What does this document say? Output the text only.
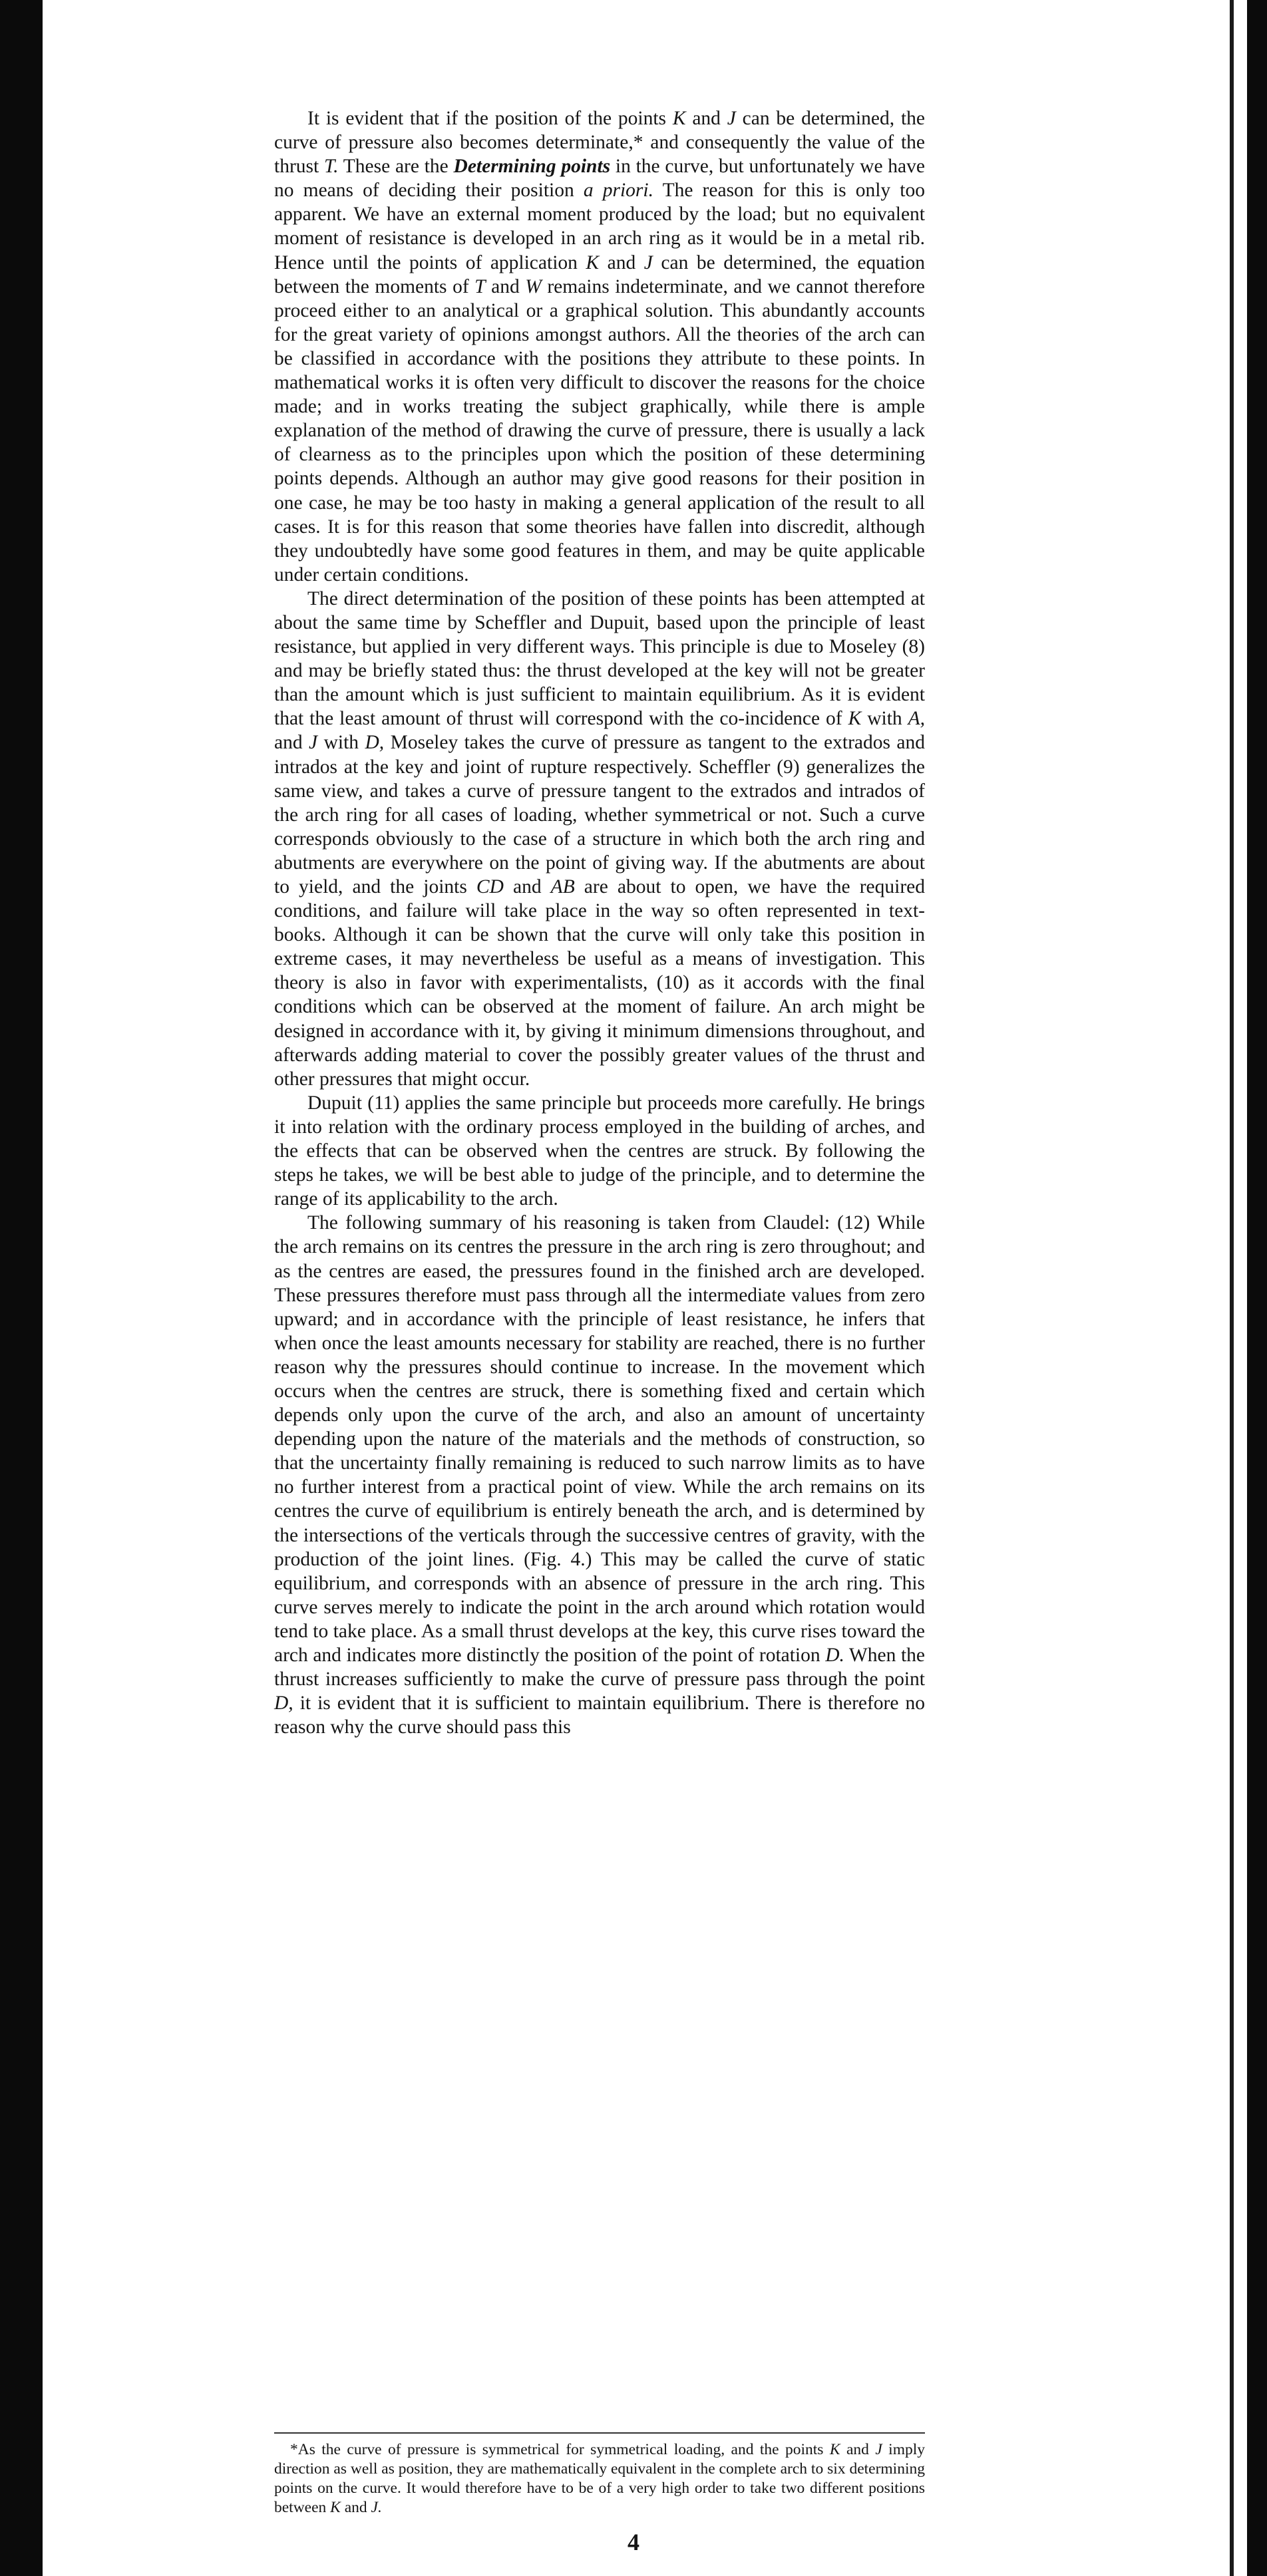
It is evident that if the position of the points K and J can be determined, the curve of pressure also becomes determinate,* and consequently the value of the thrust T. These are the Determining points in the curve, but unfortunately we have no means of deciding their position a priori. The reason for this is only too apparent. We have an external moment produced by the load; but no equivalent moment of resistance is developed in an arch ring as it would be in a metal rib. Hence until the points of application K and J can be determined, the equation between the moments of T and W remains indeterminate, and we cannot therefore proceed either to an analytical or a graphical solution. This abundantly accounts for the great variety of opinions amongst authors. All the theories of the arch can be classified in accordance with the positions they attribute to these points. In mathematical works it is often very difficult to discover the reasons for the choice made; and in works treating the subject graphically, while there is ample explanation of the method of drawing the curve of pressure, there is usually a lack of clearness as to the principles upon which the position of these determining points depends. Although an author may give good reasons for their position in one case, he may be too hasty in making a general application of the result to all cases. It is for this reason that some theories have fallen into discredit, although they undoubtedly have some good features in them, and may be quite applicable under certain conditions.

The direct determination of the position of these points has been attempted at about the same time by Scheffler and Dupuit, based upon the principle of least resistance, but applied in very different ways. This principle is due to Moseley (8) and may be briefly stated thus: the thrust developed at the key will not be greater than the amount which is just sufficient to maintain equilibrium. As it is evident that the least amount of thrust will correspond with the co-incidence of K with A, and J with D, Moseley takes the curve of pressure as tangent to the extrados and intrados at the key and joint of rupture respectively. Scheffler (9) generalizes the same view, and takes a curve of pressure tangent to the extrados and intrados of the arch ring for all cases of loading, whether symmetrical or not. Such a curve corresponds obviously to the case of a structure in which both the arch ring and abutments are everywhere on the point of giving way. If the abutments are about to yield, and the joints CD and AB are about to open, we have the required conditions, and failure will take place in the way so often represented in text-books. Although it can be shown that the curve will only take this position in extreme cases, it may nevertheless be useful as a means of investigation. This theory is also in favor with experimentalists, (10) as it accords with the final conditions which can be observed at the moment of failure. An arch might be designed in accordance with it, by giving it minimum dimensions throughout, and afterwards adding material to cover the possibly greater values of the thrust and other pressures that might occur.

Dupuit (11) applies the same principle but proceeds more carefully. He brings it into relation with the ordinary process employed in the building of arches, and the effects that can be observed when the centres are struck. By following the steps he takes, we will be best able to judge of the principle, and to determine the range of its applicability to the arch.

The following summary of his reasoning is taken from Claudel: (12) While the arch remains on its centres the pressure in the arch ring is zero throughout; and as the centres are eased, the pressures found in the finished arch are developed. These pressures therefore must pass through all the intermediate values from zero upward; and in accordance with the principle of least resistance, he infers that when once the least amounts necessary for stability are reached, there is no further reason why the pressures should continue to increase. In the movement which occurs when the centres are struck, there is something fixed and certain which depends only upon the curve of the arch, and also an amount of uncertainty depending upon the nature of the materials and the methods of construction, so that the uncertainty finally remaining is reduced to such narrow limits as to have no further interest from a practical point of view. While the arch remains on its centres the curve of equilibrium is entirely beneath the arch, and is determined by the intersections of the verticals through the successive centres of gravity, with the production of the joint lines. (Fig. 4.) This may be called the curve of static equilibrium, and corresponds with an absence of pressure in the arch ring. This curve serves merely to indicate the point in the arch around which rotation would tend to take place. As a small thrust develops at the key, this curve rises toward the arch and indicates more distinctly the position of the point of rotation D. When the thrust increases sufficiently to make the curve of pressure pass through the point D, it is evident that it is sufficient to maintain equilibrium. There is therefore no reason why the curve should pass this

*As the curve of pressure is symmetrical for symmetrical loading, and the points K and J imply direction as well as position, they are mathematically equivalent in the complete arch to six determining points on the curve. It would therefore have to be of a very high order to take two different positions between K and J.

4
